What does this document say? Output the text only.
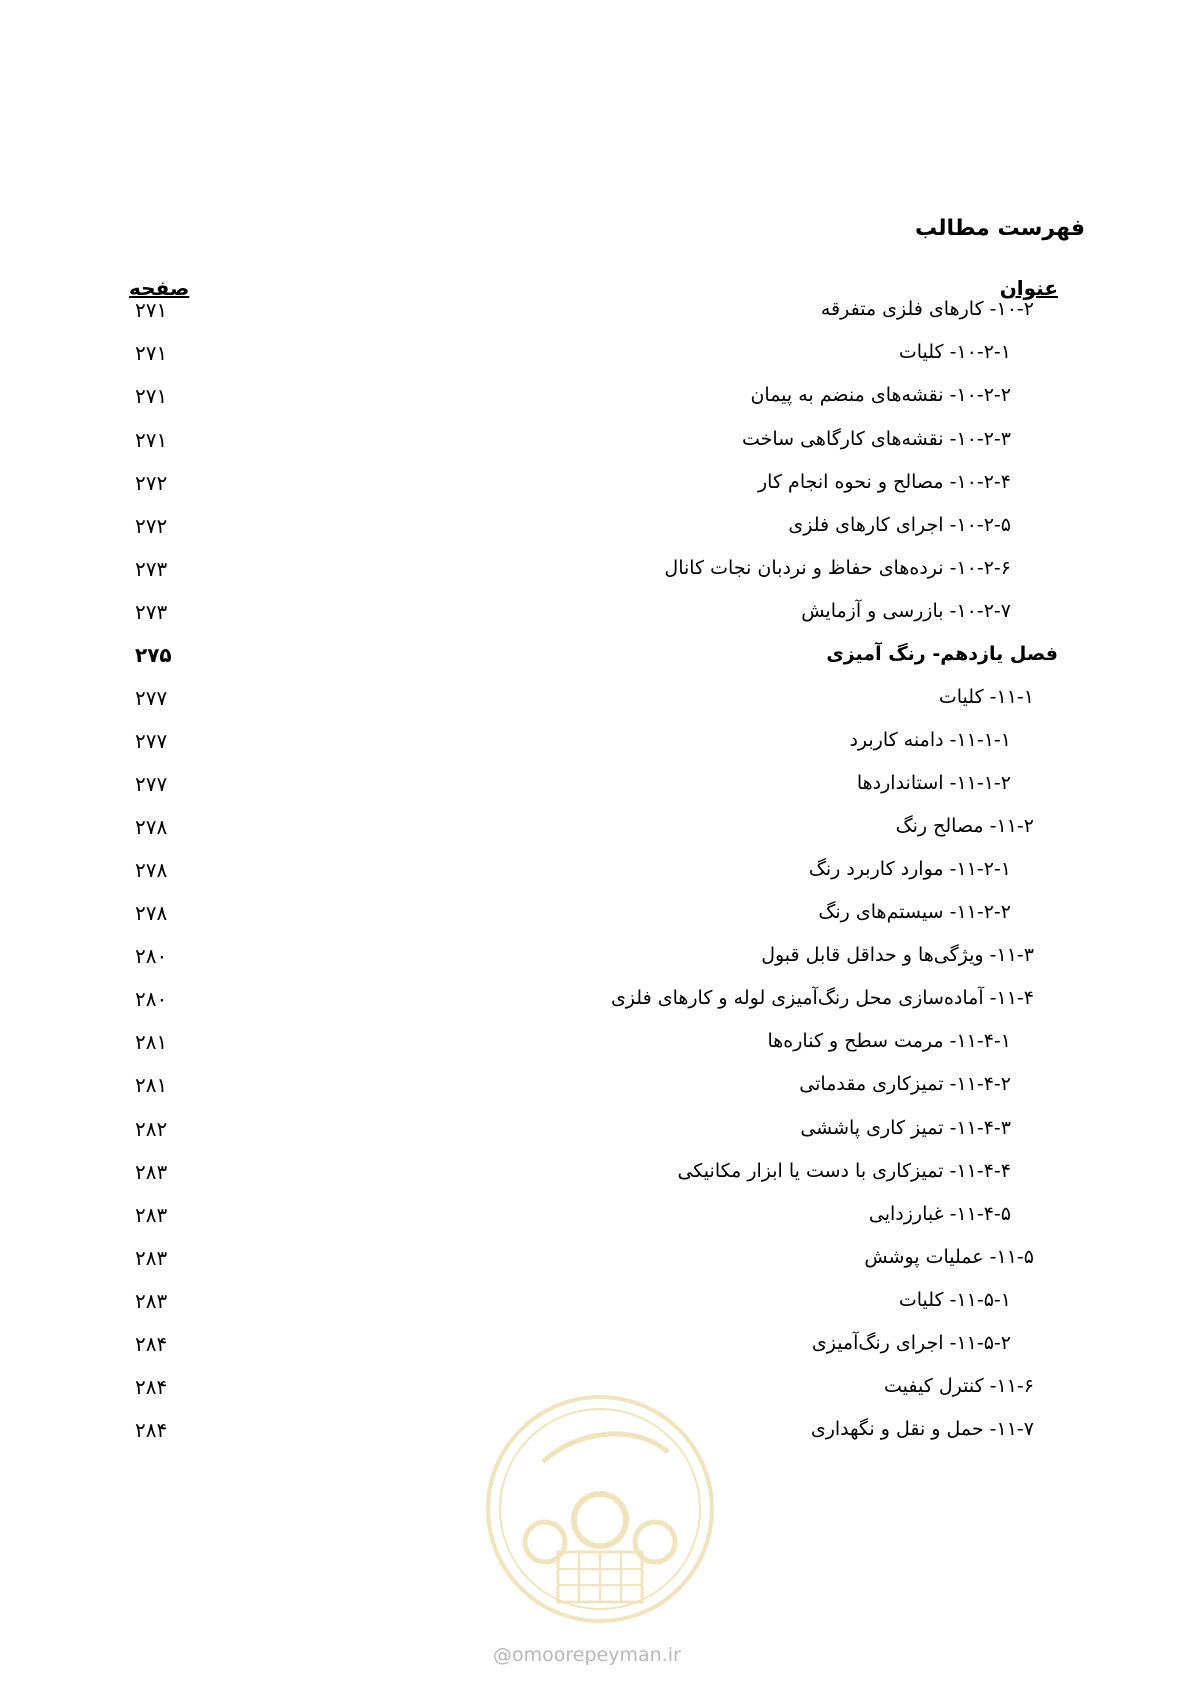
فهرست مطالب
عنوان
صفحه
۱۰-۲- کارهای فلزی متفرقه
۲۷۱
۱۰-۲-۱- کلیات
۲۷۱
۱۰-۲-۲- نقشه‌های منضم به پیمان
۲۷۱
۱۰-۲-۳- نقشه‌های کارگاهی ساخت
۲۷۱
۱۰-۲-۴- مصالح و نحوه انجام کار
۲۷۲
۱۰-۲-۵- اجرای کارهای فلزی
۲۷۲
۱۰-۲-۶- نرده‌های حفاظ و نردبان نجات کانال
۲۷۳
۱۰-۲-۷- بازرسی و آزمایش
۲۷۳
فصل یازدهم- رنگ آمیزی
۲۷۵
۱۱-۱- کلیات
۲۷۷
۱۱-۱-۱- دامنه کاربرد
۲۷۷
۱۱-۱-۲- استانداردها
۲۷۷
۱۱-۲- مصالح رنگ
۲۷۸
۱۱-۲-۱- موارد کاربرد رنگ
۲۷۸
۱۱-۲-۲- سیستم‌های رنگ
۲۷۸
۱۱-۳- ویژگی‌ها و حداقل قابل قبول
۲۸۰
۱۱-۴- آماده‌سازی محل رنگ‌آمیزی لوله و کارهای فلزی
۲۸۰
۱۱-۴-۱- مرمت سطح و کناره‌ها
۲۸۱
۱۱-۴-۲- تمیزکاری مقدماتی
۲۸۱
۱۱-۴-۳- تمیز کاری پاششی
۲۸۲
۱۱-۴-۴- تمیزکاری با دست یا ابزار مکانیکی
۲۸۳
۱۱-۴-۵- غبارزدایی
۲۸۳
۱۱-۵- عملیات پوشش
۲۸۳
۱۱-۵-۱- کلیات
۲۸۳
۱۱-۵-۲- اجرای رنگ‌آمیزی
۲۸۴
۱۱-۶- کنترل کیفیت
۲۸۴
۱۱-۷- حمل و نقل و نگهداری
۲۸۴
@omoorepeyman.ir
